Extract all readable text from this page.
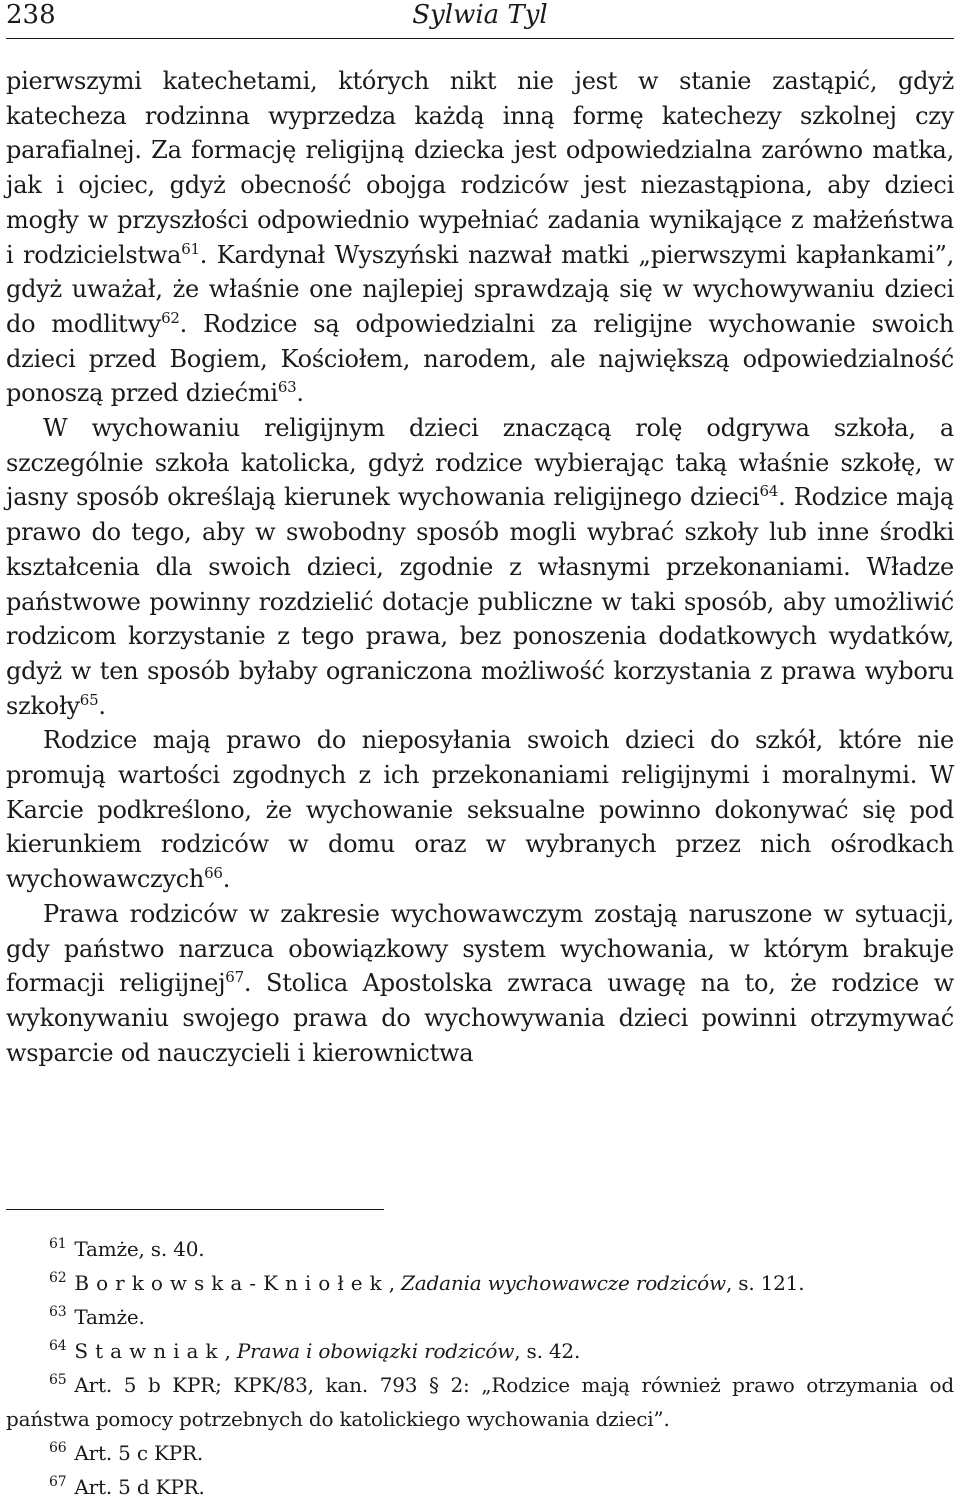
238	Sylwia Tyl

pierwszymi katechetami, których nikt nie jest w stanie zastąpić, gdyż katecheza rodzinna wyprzedza każdą inną formę katechezy szkolnej czy parafialnej. Za formację religijną dziecka jest odpowiedzialna zarówno matka, jak i ojciec, gdyż obecność obojga rodziców jest niezastąpiona, aby dzieci mogły w przyszłości odpowiednio wypełniać zadania wynikające z małżeństwa i rodzicielstwa$^{61}$. Kardynał Wyszyński nazwał matki „pierwszymi kapłankami”, gdyż uważał, że właśnie one najlepiej sprawdzają się w wychowywaniu dzieci do modlitwy$^{62}$. Rodzice są odpowiedzialni za religijne wychowanie swoich dzieci przed Bogiem, Kościołem, narodem, ale największą odpowiedzialność ponoszą przed dziećmi$^{63}$.

W wychowaniu religijnym dzieci znaczącą rolę odgrywa szkoła, a szczególnie szkoła katolicka, gdyż rodzice wybierając taką właśnie szkołę, w jasny sposób określają kierunek wychowania religijnego dzieci$^{64}$. Rodzice mają prawo do tego, aby w swobodny sposób mogli wybrać szkoły lub inne środki kształcenia dla swoich dzieci, zgodnie z własnymi przekonaniami. Władze państwowe powinny rozdzielić dotacje publiczne w taki sposób, aby umożliwić rodzicom korzystanie z tego prawa, bez ponoszenia dodatkowych wydatków, gdyż w ten sposób byłaby ograniczona możliwość korzystania z prawa wyboru szkoły$^{65}$.

Rodzice mają prawo do nieposyłania swoich dzieci do szkół, które nie promują wartości zgodnych z ich przekonaniami religijnymi i moralnymi. W Karcie podkreślono, że wychowanie seksualne powinno dokonywać się pod kierunkiem rodziców w domu oraz w wybranych przez nich ośrodkach wychowawczych$^{66}$.

Prawa rodziców w zakresie wychowawczym zostają naruszone w sytuacji, gdy państwo narzuca obowiązkowy system wychowania, w którym brakuje formacji religijnej$^{67}$. Stolica Apostolska zwraca uwagę na to, że rodzice w wykonywaniu swojego prawa do wychowywania dzieci powinni otrzymywać wsparcie od nauczycieli i kierownictwa

$^{61}$ Tamże, s. 40.

$^{62}$ Borkowska-Kniołek, Zadania wychowawcze rodziców, s. 121.

$^{63}$ Tamże.

$^{64}$ Stawniak, Prawa i obowiązki rodziców, s. 42.

$^{65}$ Art. 5 b KPR; KPK/83, kan. 793 § 2: „Rodzice mają również prawo otrzymania od państwa pomocy potrzebnych do katolickiego wychowania dzieci”.

$^{66}$ Art. 5 c KPR.

$^{67}$ Art. 5 d KPR.
